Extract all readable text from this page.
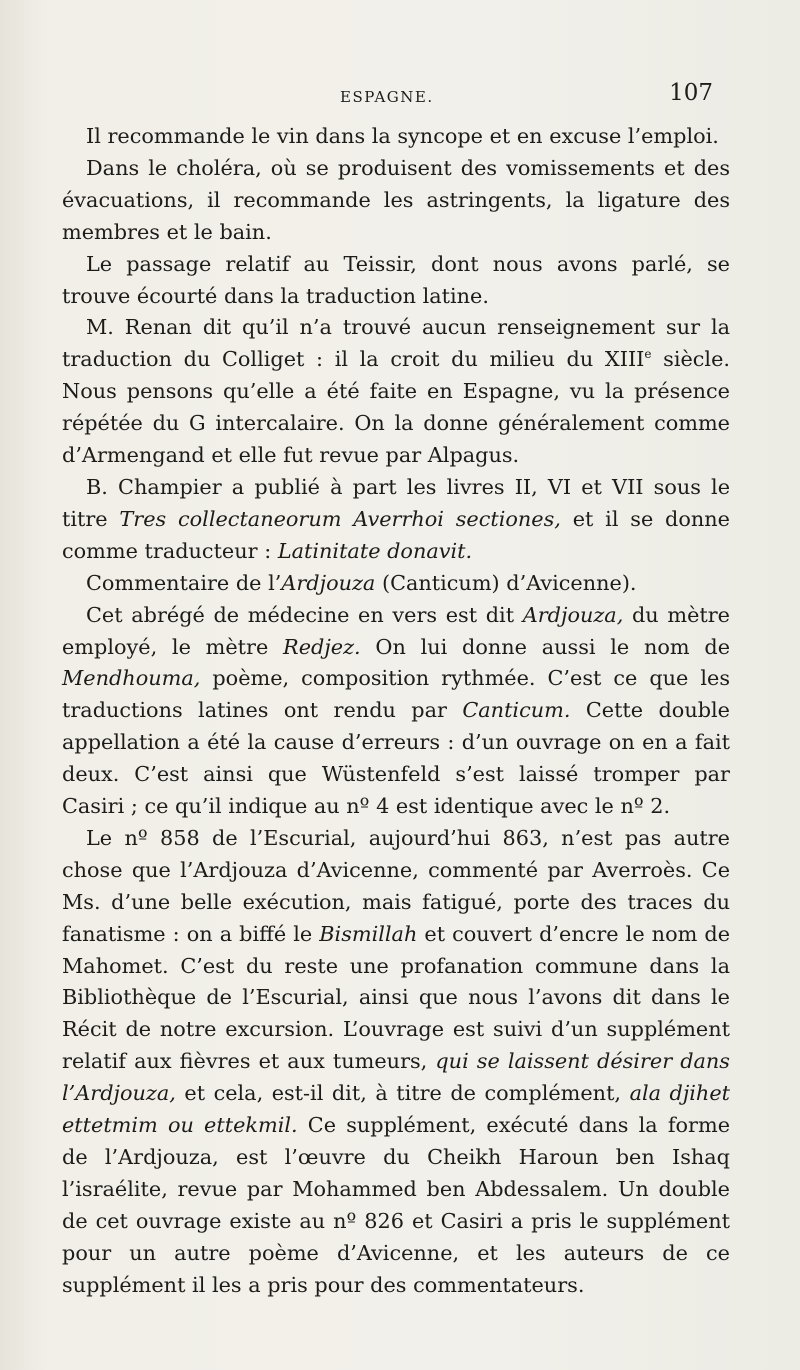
ESPAGNE.	107

Il recommande le vin dans la syncope et en excuse l’emploi.

Dans le choléra, où se produisent des vomissements et des évacuations, il recommande les astringents, la ligature des membres et le bain.

Le passage relatif au Teissir, dont nous avons parlé, se trouve écourté dans la traduction latine.

M. Renan dit qu’il n’a trouvé aucun renseignement sur la traduction du Colliget : il la croit du milieu du XIIIe siècle. Nous pensons qu’elle a été faite en Espagne, vu la présence répétée du G intercalaire. On la donne généralement comme d’Armengand et elle fut revue par Alpagus.

B. Champier a publié à part les livres II, VI et VII sous le titre Tres collectaneorum Averrhoi sectiones, et il se donne comme traducteur : Latinitate donavit.

Commentaire de l’Ardjouza (Canticum) d’Avicenne).

Cet abrégé de médecine en vers est dit Ardjouza, du mètre employé, le mètre Redjez. On lui donne aussi le nom de Mendhouma, poème, composition rythmée. C’est ce que les traductions latines ont rendu par Canticum. Cette double appellation a été la cause d’erreurs : d’un ouvrage on en a fait deux. C’est ainsi que Wüstenfeld s’est laissé tromper par Casiri ; ce qu’il indique au nº 4 est identique avec le nº 2.

Le nº 858 de l’Escurial, aujourd’hui 863, n’est pas autre chose que l’Ardjouza d’Avicenne, commenté par Averroès. Ce Ms. d’une belle exécution, mais fatigué, porte des traces du fanatisme : on a biffé le Bismillah et couvert d’encre le nom de Mahomet. C’est du reste une profanation commune dans la Bibliothèque de l’Escurial, ainsi que nous l’avons dit dans le Récit de notre excursion. L’ouvrage est suivi d’un supplément relatif aux fièvres et aux tumeurs, qui se laissent désirer dans l’Ardjouza, et cela, est-il dit, à titre de complément, ala djihet ettetmim ou ettekmil. Ce supplément, exécuté dans la forme de l’Ardjouza, est l’œuvre du Cheikh Haroun ben Ishaq l’israélite, revue par Mohammed ben Abdessalem. Un double de cet ouvrage existe au nº 826 et Casiri a pris le supplément pour un autre poème d’Avicenne, et les auteurs de ce supplément il les a pris pour des commentateurs.
